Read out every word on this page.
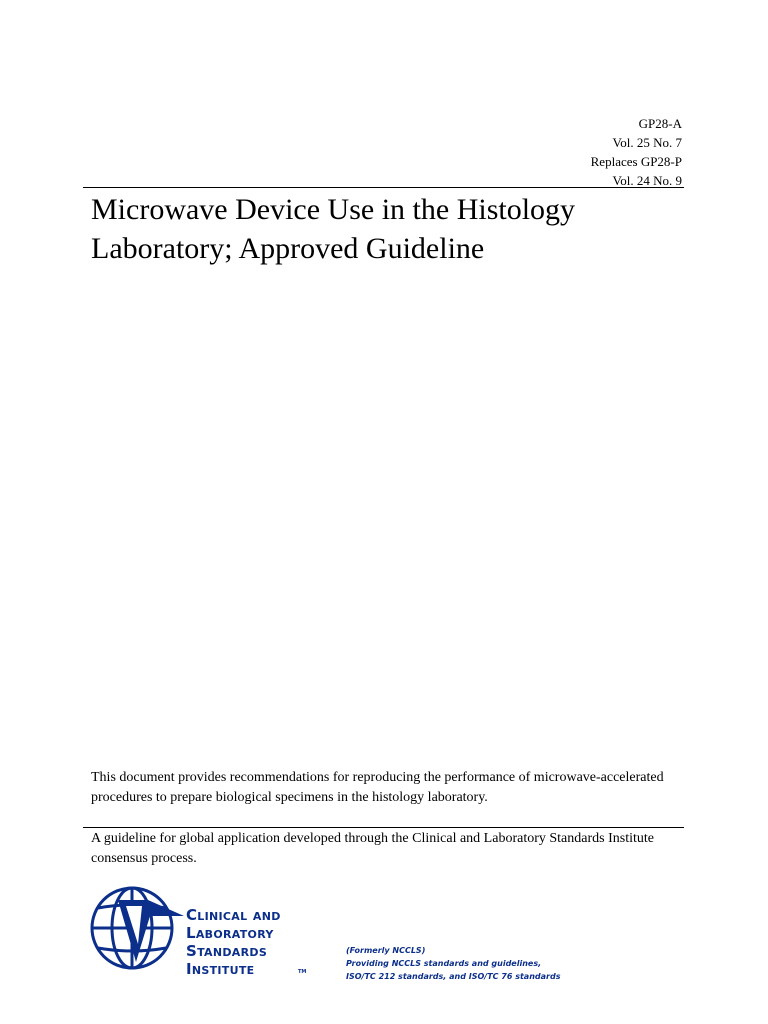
GP28-A
Vol. 25 No. 7
Replaces GP28-P
Vol. 24 No. 9
Microwave Device Use in the Histology
Laboratory; Approved Guideline

This document provides recommendations for reproducing the performance of microwave-accelerated procedures to prepare biological specimens in the histology laboratory.

A guideline for global application developed through the Clinical and Laboratory Standards Institute consensus process.

Clinical and
Laboratory
Standards
Institute	TM
(Formerly NCCLS)
Providing NCCLS standards and guidelines,
ISO/TC 212 standards, and ISO/TC 76 standards
